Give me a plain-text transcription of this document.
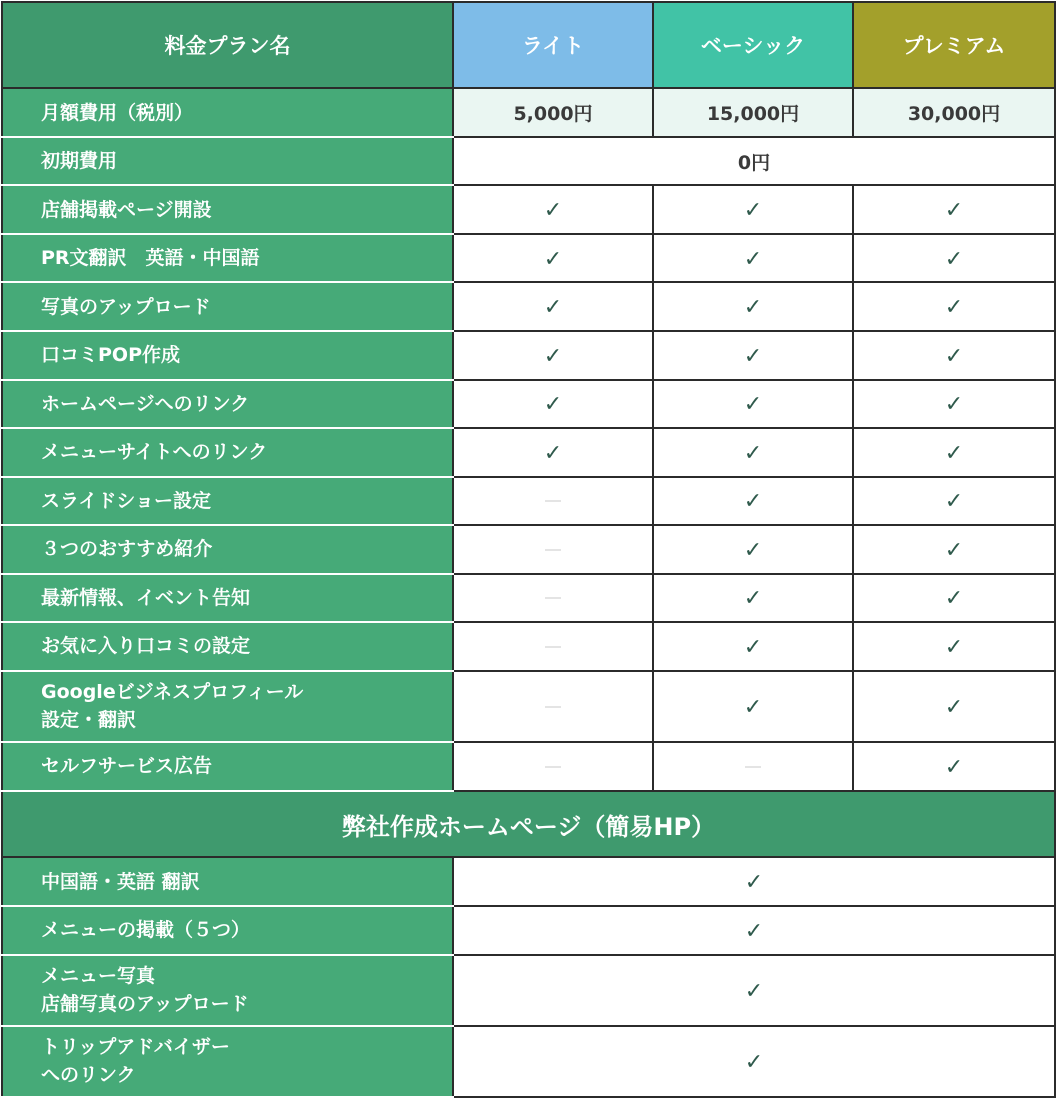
料金プラン名	ライト	ベーシック	プレミアム
月額費用（税別）	5,000円	15,000円	30,000円
初期費用	0円		
店舗掲載ページ開設	✓	✓	✓
PR文翻訳　英語・中国語	✓	✓	✓
写真のアップロード	✓	✓	✓
口コミPOP作成	✓	✓	✓
ホームページへのリンク	✓	✓	✓
メニューサイトへのリンク	✓	✓	✓
スライドショー設定		✓	✓
３つのおすすめ紹介		✓	✓
最新情報、イベント告知		✓	✓
お気に入り口コミの設定		✓	✓
Googleビジネスプロフィール
設定・翻訳		✓	✓
セルフサービス広告			✓
弊社作成ホームページ（簡易HP）			
中国語・英語 翻訳	✓		
メニューの掲載（５つ）	✓		
メニュー写真
店舗写真のアップロード	✓		
トリップアドバイザー
へのリンク	✓		
